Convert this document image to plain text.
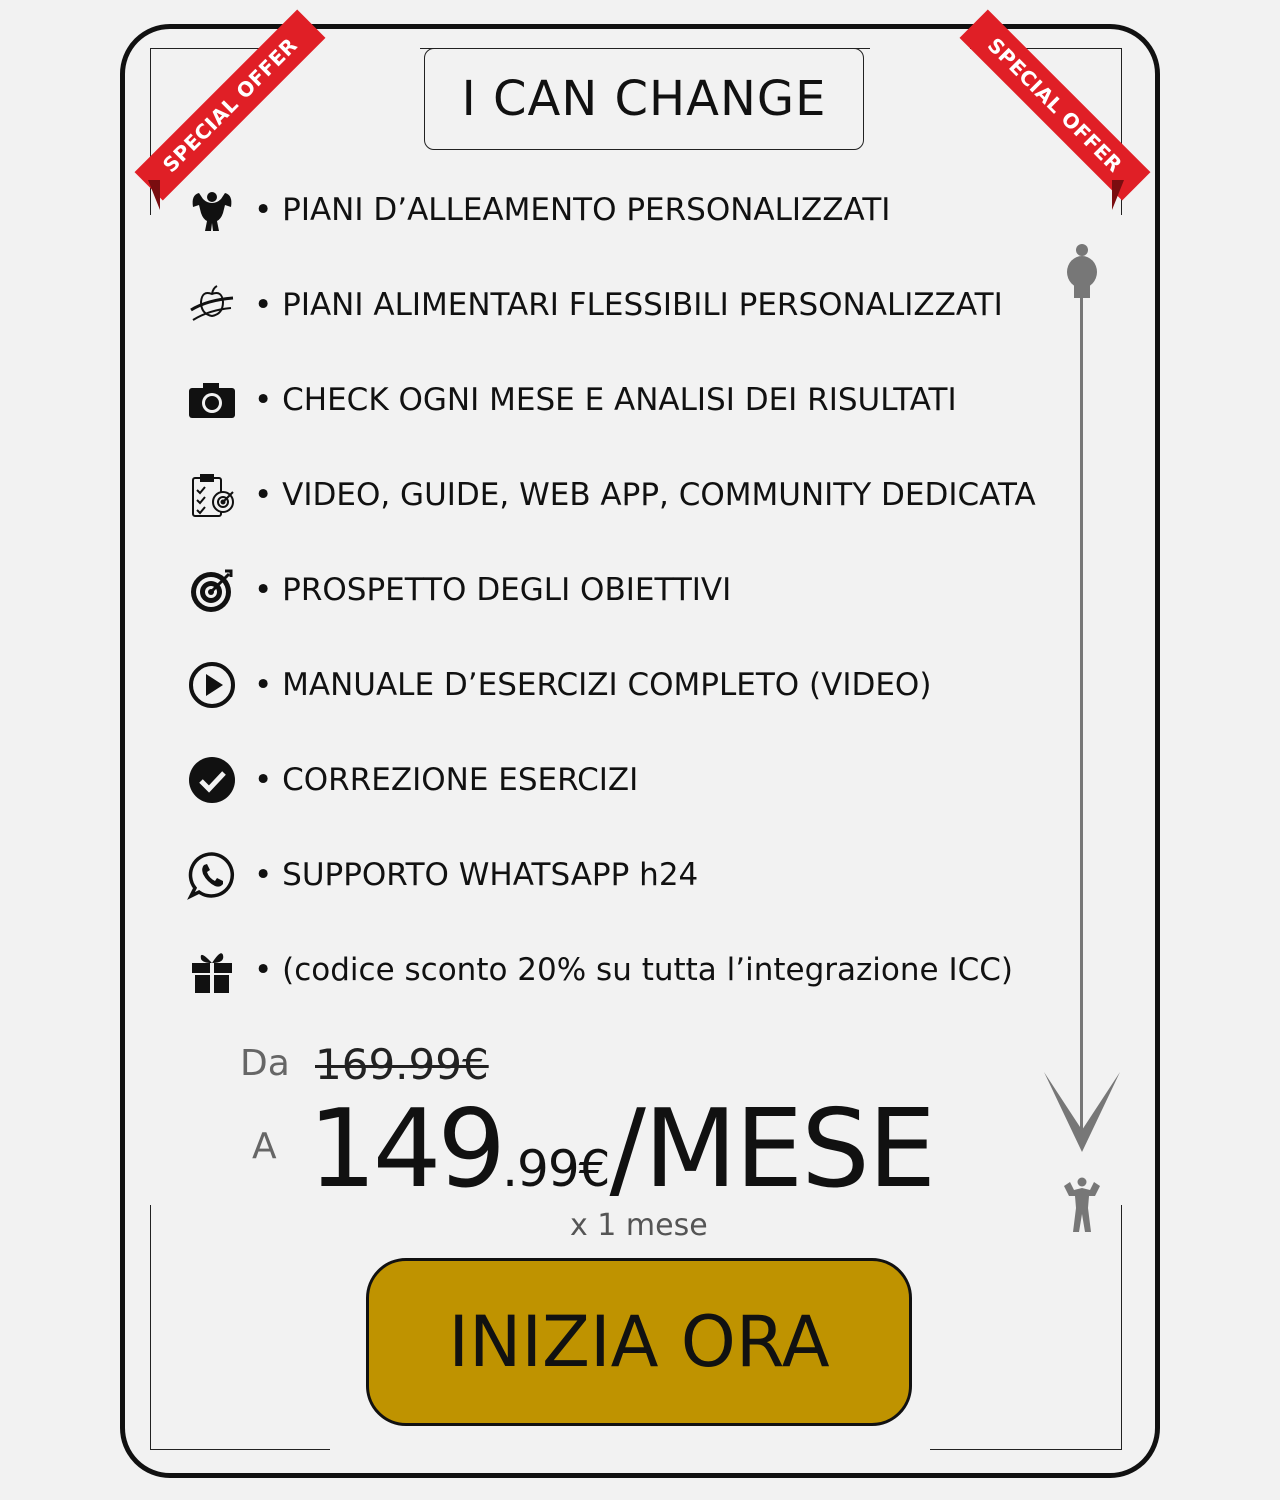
SPECIAL OFFER	SPECIAL OFFER
I CAN CHANGE
• PIANI D’ALLEAMENTO PERSONALIZZATI
• PIANI ALIMENTARI FLESSIBILI PERSONALIZZATI
• CHECK OGNI MESE E ANALISI DEI RISULTATI
• VIDEO, GUIDE, WEB APP, COMMUNITY DEDICATA
• PROSPETTO DEGLI OBIETTIVI
• MANUALE D’ESERCIZI COMPLETO (VIDEO)
• CORREZIONE ESERCIZI
• SUPPORTO WHATSAPP h24
• (codice sconto 20% su tutta l’integrazione ICC)
Da 169.99€
A 149.99€/MESE
x 1 mese
INIZIA ORA
